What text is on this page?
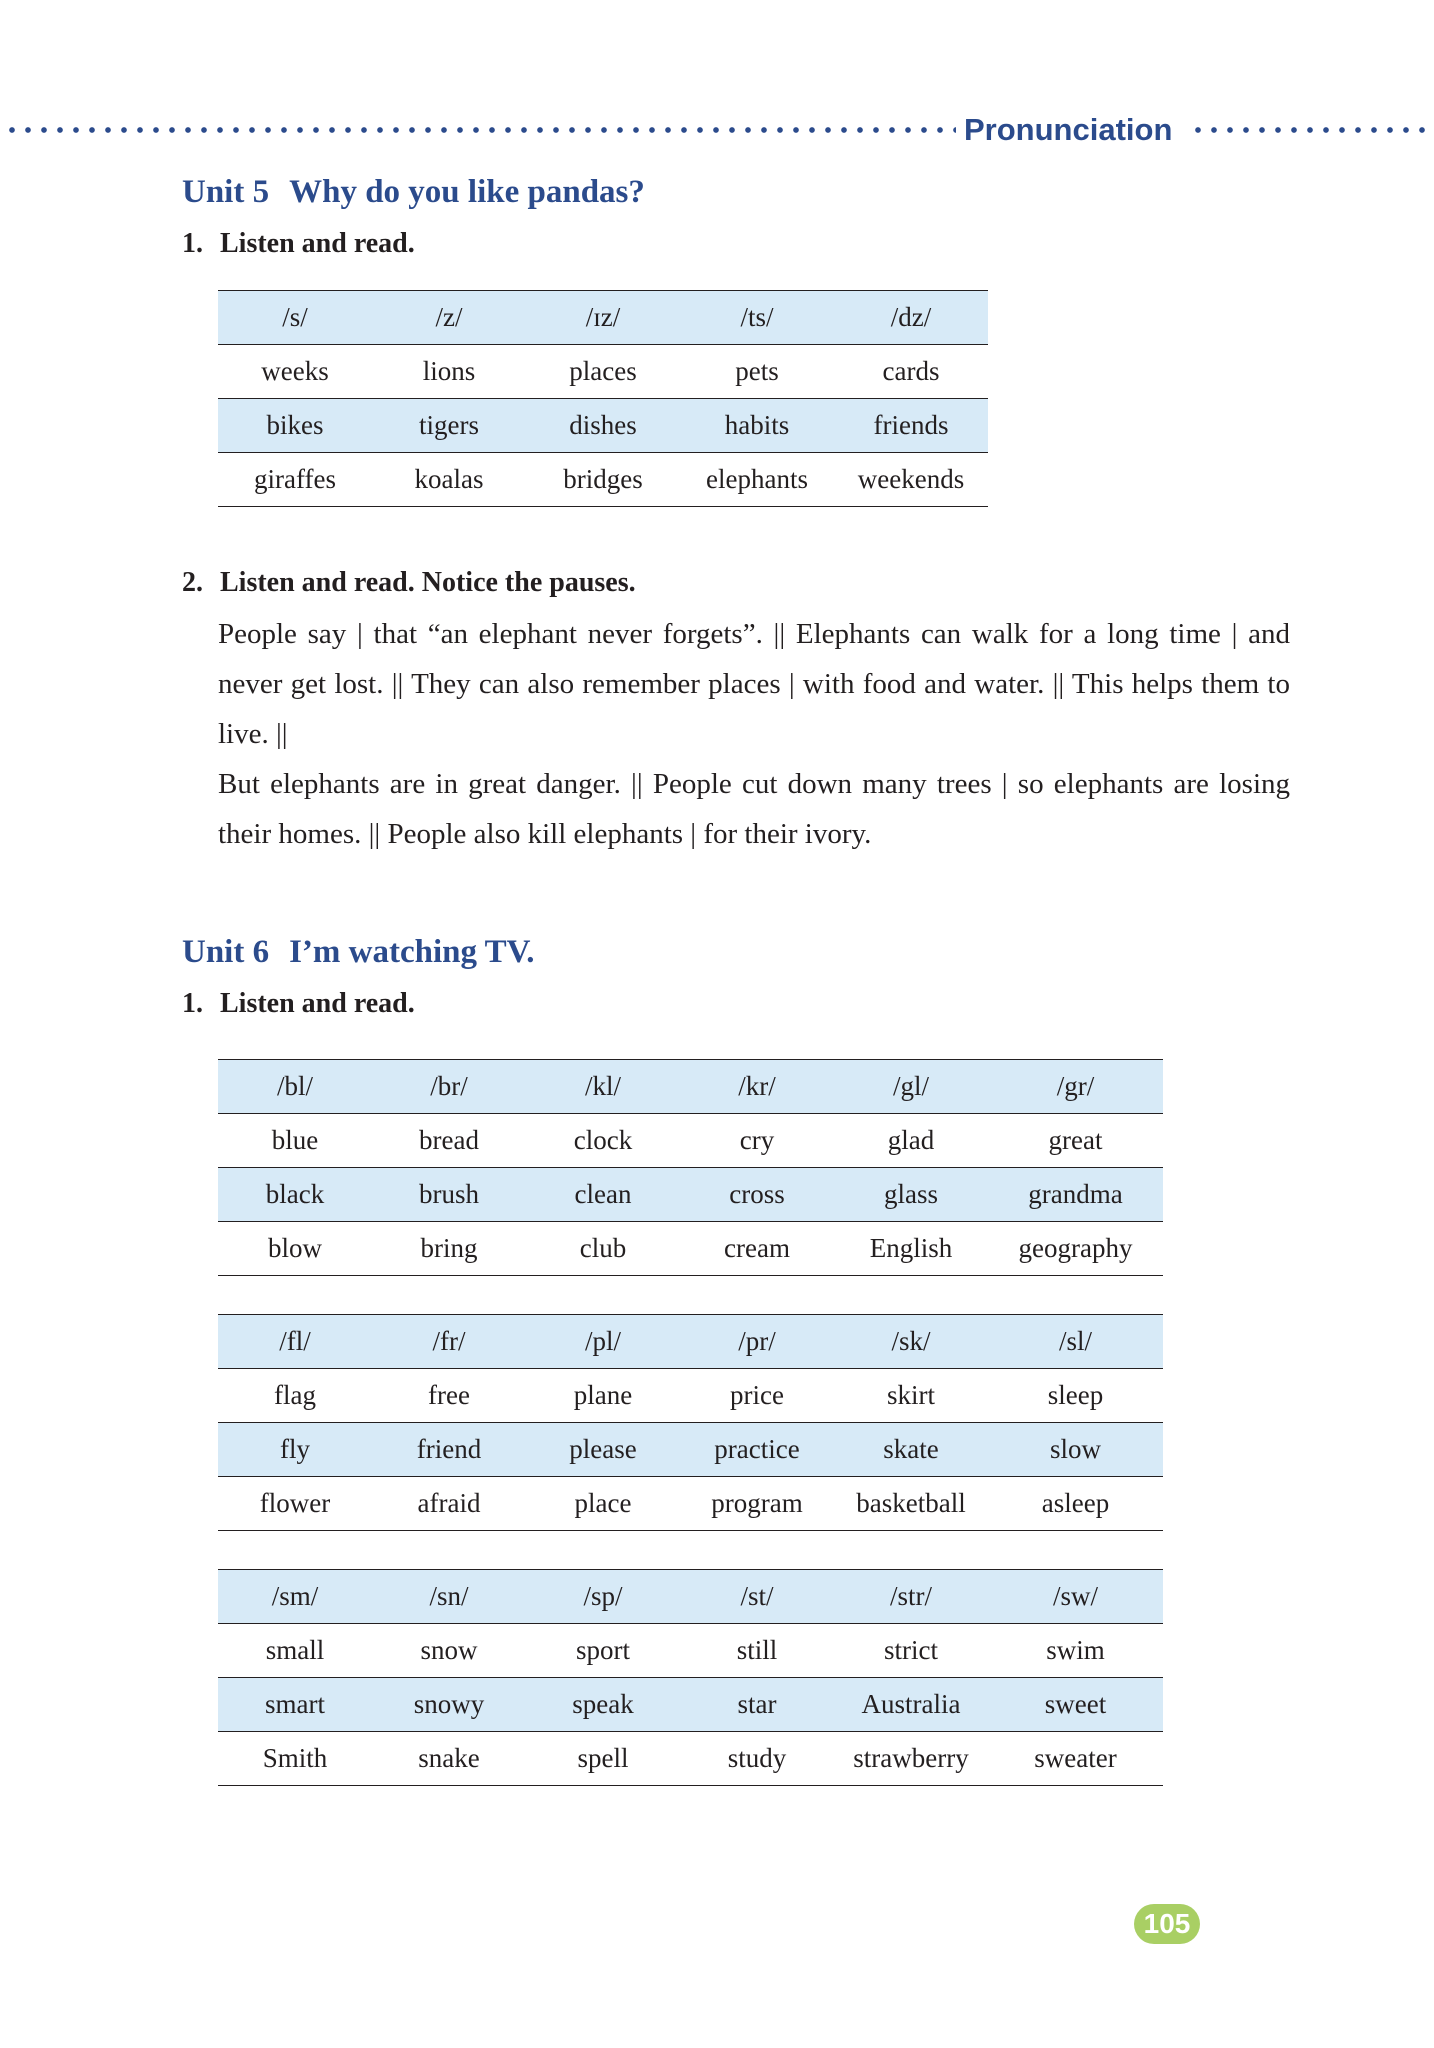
Pronunciation
Unit 5 Why do you like pandas?
1. Listen and read.
/s/	/z/	/ɪz/	/ts/	/dz/
weeks	lions	places	pets	cards
bikes	tigers	dishes	habits	friends
giraffes	koalas	bridges	elephants	weekends
2. Listen and read. Notice the pauses.

People say | that “an elephant never forgets”. || Elephants can walk for a long time | and never get lost. || They can also remember places | with food and water. || This helps them to live. ||

But elephants are in great danger. || People cut down many trees | so elephants are losing their homes. || People also kill elephants | for their ivory.

Unit 6 I’m watching TV.
1. Listen and read.
/bl/	/br/	/kl/	/kr/	/gl/	/gr/
blue	bread	clock	cry	glad	great
black	brush	clean	cross	glass	grandma
blow	bring	club	cream	English	geography
/fl/	/fr/	/pl/	/pr/	/sk/	/sl/
flag	free	plane	price	skirt	sleep
fly	friend	please	practice	skate	slow
flower	afraid	place	program	basketball	asleep
/sm/	/sn/	/sp/	/st/	/str/	/sw/
small	snow	sport	still	strict	swim
smart	snowy	speak	star	Australia	sweet
Smith	snake	spell	study	strawberry	sweater
105
